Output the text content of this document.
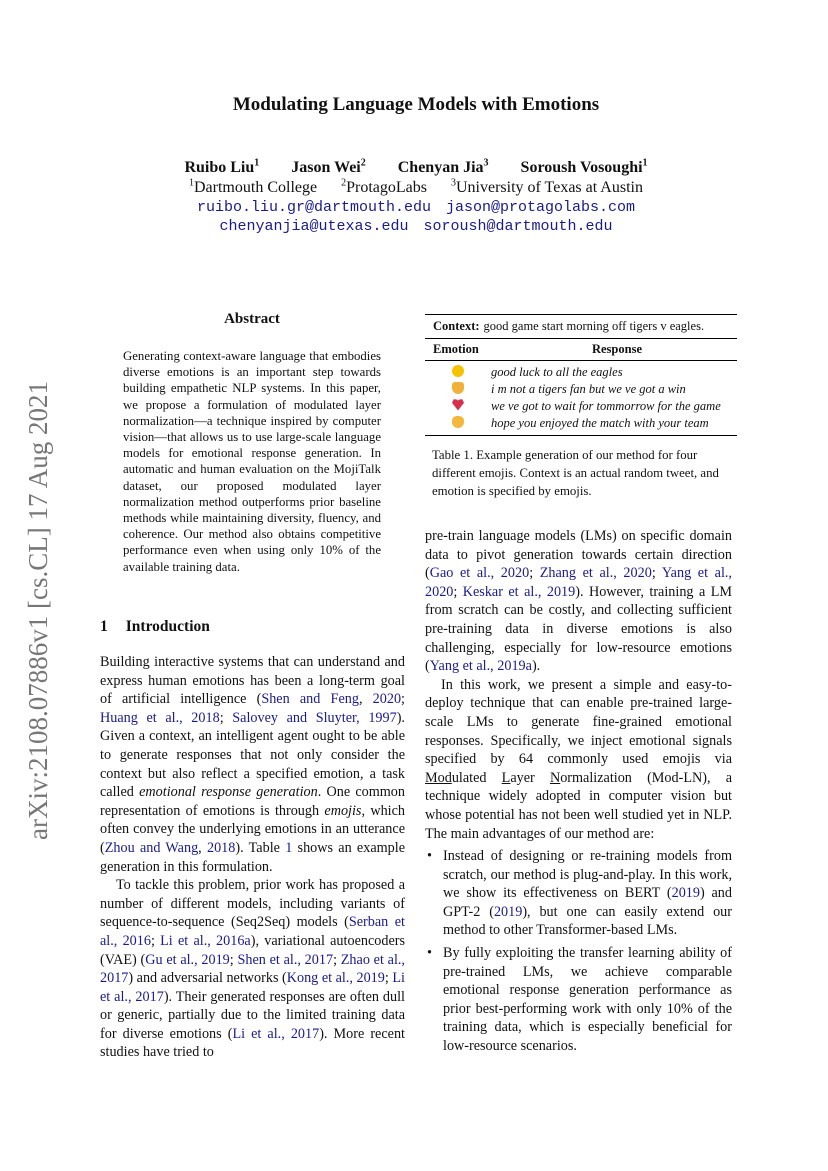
arXiv:2108.07886v1 [cs.CL] 17 Aug 2021
Modulating Language Models with Emotions
Ruibo Liu$^1$ Jason Wei$^2$ Chenyan Jia$^3$ Soroush Vosoughi$^1$
$^1$Dartmouth College $^2$ProtagoLabs $^3$University of Texas at Austin
ruibo.liu.gr@dartmouth.edu jason@protagolabs.com
chenyanjia@utexas.edu soroush@dartmouth.edu
Abstract

Generating context-aware language that embodies diverse emotions is an important step towards building empathetic NLP systems. In this paper, we propose a formulation of modulated layer normalization—a technique inspired by computer vision—that allows us to use large-scale language models for emotional response generation. In automatic and human evaluation on the MojiTalk dataset, our proposed modulated layer normalization method outperforms prior baseline methods while maintaining diversity, fluency, and coherence. Our method also obtains competitive performance even when using only 10% of the available training data.

1 Introduction
Context: good game start morning off tigers v eagles.
Emotion	Response
good luck to all the eagles
i m not a tigers fan but we ve got a win
we ve got to wait for tommorrow for the game
hope you enjoyed the match with your team

Table 1. Example generation of our method for four different emojis. Context is an actual random tweet, and emotion is specified by emojis.

Building interactive systems that can understand and express human emotions has been a long-term goal of artificial intelligence (Shen and Feng, 2020; Huang et al., 2018; Salovey and Sluyter, 1997). Given a context, an intelligent agent ought to be able to generate responses that not only consider the context but also reflect a specified emotion, a task called emotional response generation. One common representation of emotions is through emojis, which often convey the underlying emotions in an utterance (Zhou and Wang, 2018). Table 1 shows an example generation in this formulation.

To tackle this problem, prior work has proposed a number of different models, including variants of sequence-to-sequence (Seq2Seq) models (Serban et al., 2016; Li et al., 2016a), variational autoencoders (VAE) (Gu et al., 2019; Shen et al., 2017; Zhao et al., 2017) and adversarial networks (Kong et al., 2019; Li et al., 2017). Their generated responses are often dull or generic, partially due to the limited training data for diverse emotions (Li et al., 2017). More recent studies have tried to

pre-train language models (LMs) on specific domain data to pivot generation towards certain direction (Gao et al., 2020; Zhang et al., 2020; Yang et al., 2020; Keskar et al., 2019). However, training a LM from scratch can be costly, and collecting sufficient pre-training data in diverse emotions is also challenging, especially for low-resource emotions (Yang et al., 2019a).

In this work, we present a simple and easy-to-deploy technique that can enable pre-trained large-scale LMs to generate fine-grained emotional responses. Specifically, we inject emotional signals specified by 64 commonly used emojis via Modulated Layer Normalization (Mod-LN), a technique widely adopted in computer vision but whose potential has not been well studied yet in NLP. The main advantages of our method are:

• Instead of designing or re-training models from scratch, our method is plug-and-play. In this work, we show its effectiveness on BERT (2019) and GPT-2 (2019), but one can easily extend our method to other Transformer-based LMs.
• By fully exploiting the transfer learning ability of pre-trained LMs, we achieve comparable emotional response generation performance as prior best-performing work with only 10% of the training data, which is especially beneficial for low-resource scenarios.
